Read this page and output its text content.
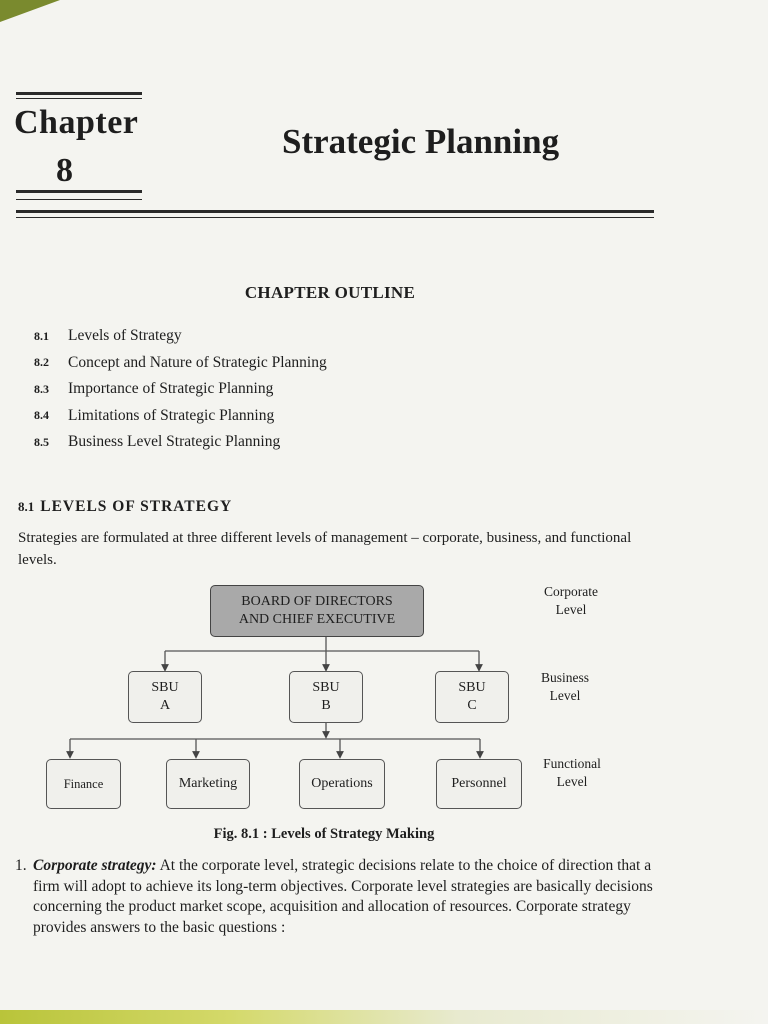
Chapter
8
Strategic Planning
CHAPTER OUTLINE
8.1	Levels of Strategy
8.2	Concept and Nature of Strategic Planning
8.3	Importance of Strategic Planning
8.4	Limitations of Strategic Planning
8.5	Business Level Strategic Planning
8.1 LEVELS OF STRATEGY
Strategies are formulated at three different levels of management – corporate, business, and functional levels.
BOARD OF DIRECTORS
AND CHIEF EXECUTIVE
SBU
A
SBU
B
SBU
C
Finance	Marketing	Operations	Personnel
Corporate
Level
Business
Level
Functional
Level
Fig. 8.1 : Levels of Strategy Making
1. Corporate strategy: At the corporate level, strategic decisions relate to the choice of direction that a firm will adopt to achieve its long-term objectives. Corporate level strategies are basically decisions concerning the product market scope, acquisition and allocation of resources. Corporate strategy provides answers to the basic questions :
